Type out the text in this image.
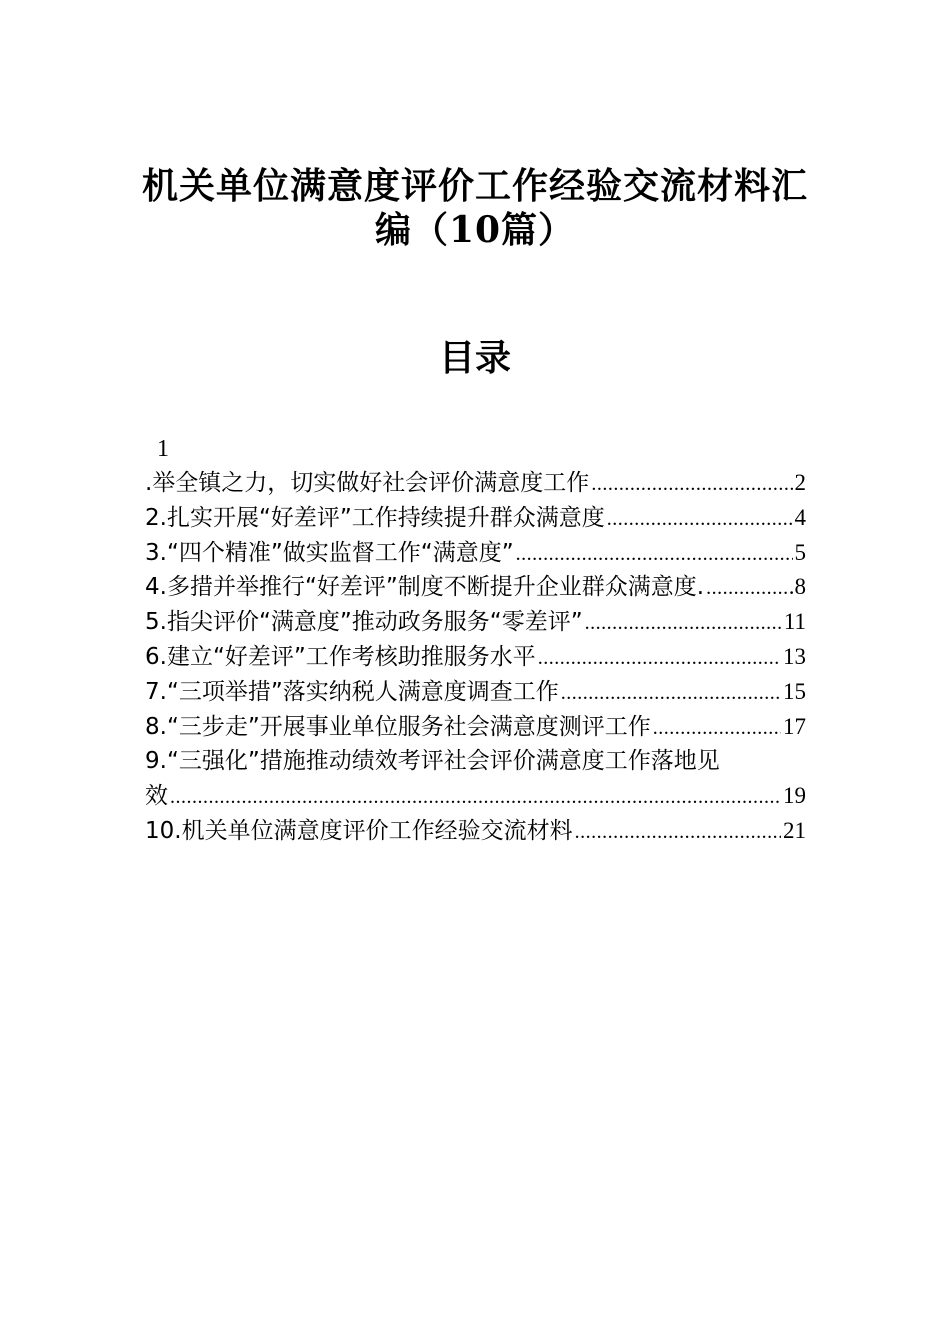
机关单位满意度评价工作经验交流材料汇
编（10篇）
目录
1
.举全镇之力，切实做好社会评价满意度工作 .....	2
2.扎实开展“好差评”工作持续提升群众满意度 .....	4
3.“四个精准”做实监督工作“满意度” .....	5
4.多措并举推行“好差评”制度不断提升企业群众满意度. .....	.8
5.指尖评价“满意度”推动政务服务“零差评” .....	11
6.建立“好差评”工作考核助推服务水平 .....	13
7.“三项举措”落实纳税人满意度调查工作 .....	15
8.“三步走”开展事业单位服务社会满意度测评工作 .....	17
9.“三强化”措施推动绩效考评社会评价满意度工作落地见
效 .....	19
10.机关单位满意度评价工作经验交流材料 .....	21
